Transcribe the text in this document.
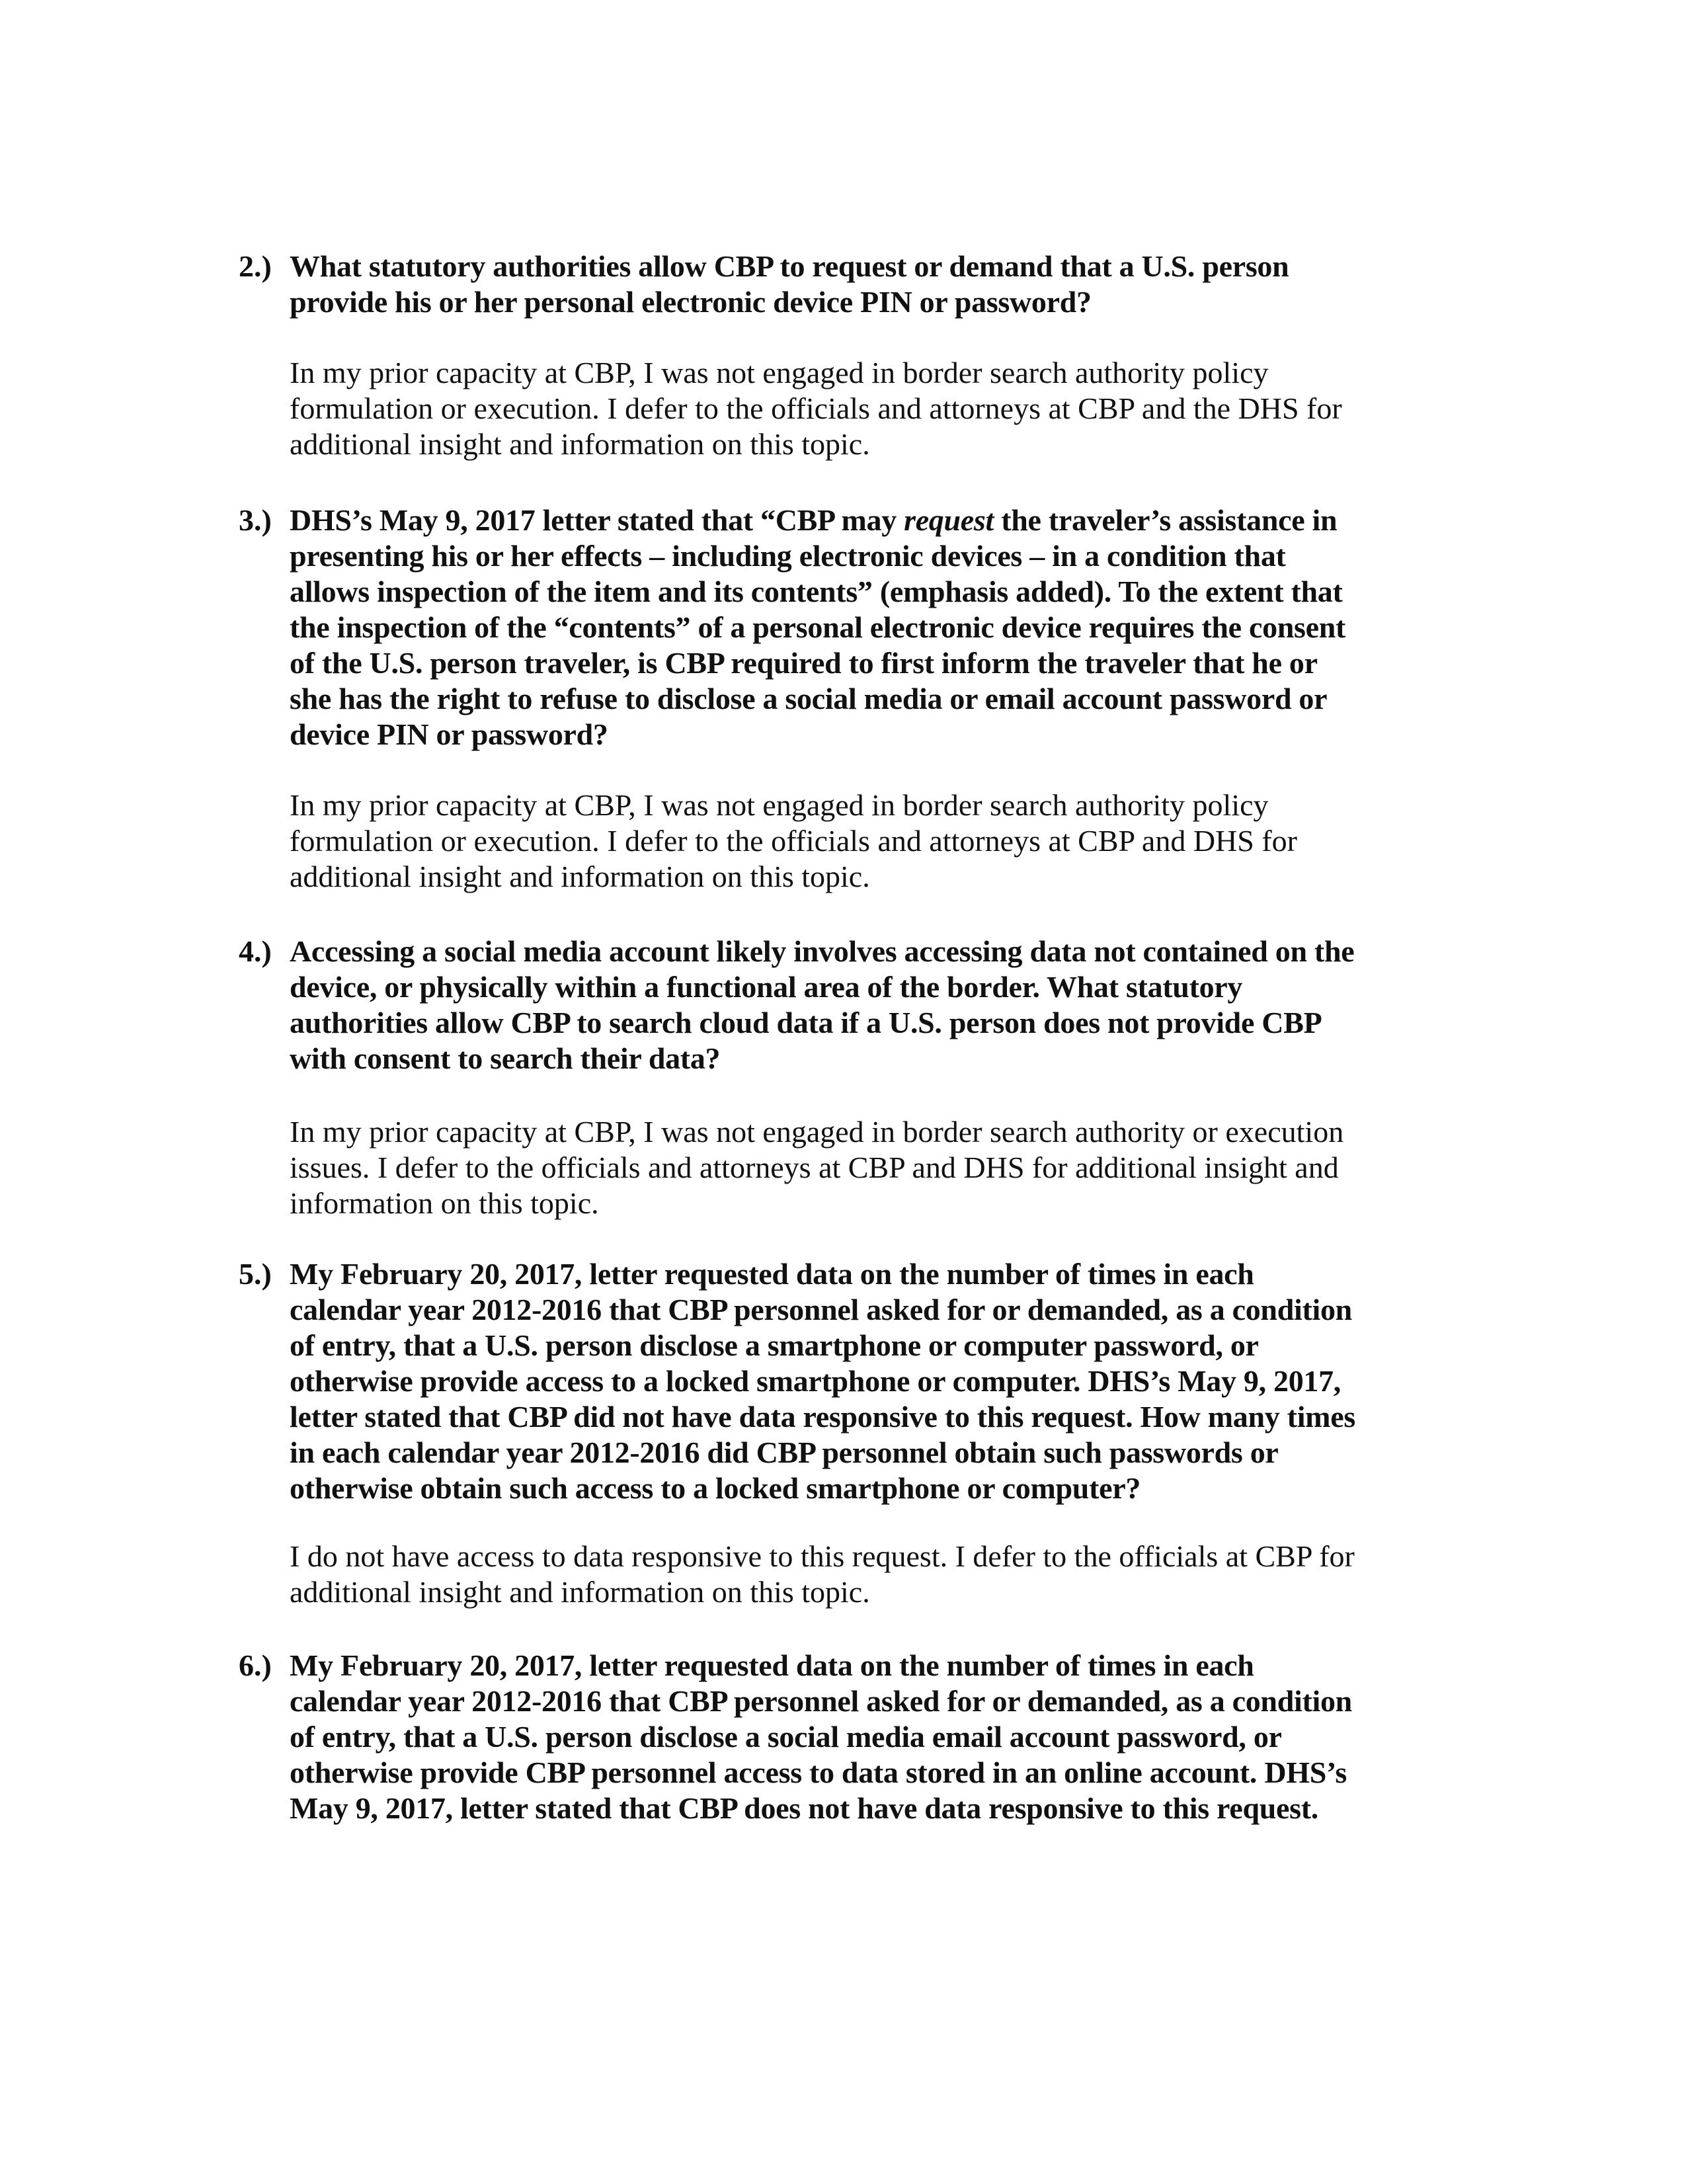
2.) What statutory authorities allow CBP to request or demand that a U.S. person
provide his or her personal electronic device PIN or password?
In my prior capacity at CBP, I was not engaged in border search authority policy
formulation or execution. I defer to the officials and attorneys at CBP and the DHS for
additional insight and information on this topic.
3.) DHS’s May 9, 2017 letter stated that “CBP may request the traveler’s assistance in
presenting his or her effects – including electronic devices – in a condition that
allows inspection of the item and its contents” (emphasis added). To the extent that
the inspection of the “contents” of a personal electronic device requires the consent
of the U.S. person traveler, is CBP required to first inform the traveler that he or
she has the right to refuse to disclose a social media or email account password or
device PIN or password?
In my prior capacity at CBP, I was not engaged in border search authority policy
formulation or execution. I defer to the officials and attorneys at CBP and DHS for
additional insight and information on this topic.
4.) Accessing a social media account likely involves accessing data not contained on the
device, or physically within a functional area of the border. What statutory
authorities allow CBP to search cloud data if a U.S. person does not provide CBP
with consent to search their data?
In my prior capacity at CBP, I was not engaged in border search authority or execution
issues. I defer to the officials and attorneys at CBP and DHS for additional insight and
information on this topic.
5.) My February 20, 2017, letter requested data on the number of times in each
calendar year 2012-2016 that CBP personnel asked for or demanded, as a condition
of entry, that a U.S. person disclose a smartphone or computer password, or
otherwise provide access to a locked smartphone or computer. DHS’s May 9, 2017,
letter stated that CBP did not have data responsive to this request. How many times
in each calendar year 2012-2016 did CBP personnel obtain such passwords or
otherwise obtain such access to a locked smartphone or computer?
I do not have access to data responsive to this request. I defer to the officials at CBP for
additional insight and information on this topic.
6.) My February 20, 2017, letter requested data on the number of times in each
calendar year 2012-2016 that CBP personnel asked for or demanded, as a condition
of entry, that a U.S. person disclose a social media email account password, or
otherwise provide CBP personnel access to data stored in an online account. DHS’s
May 9, 2017, letter stated that CBP does not have data responsive to this request.
